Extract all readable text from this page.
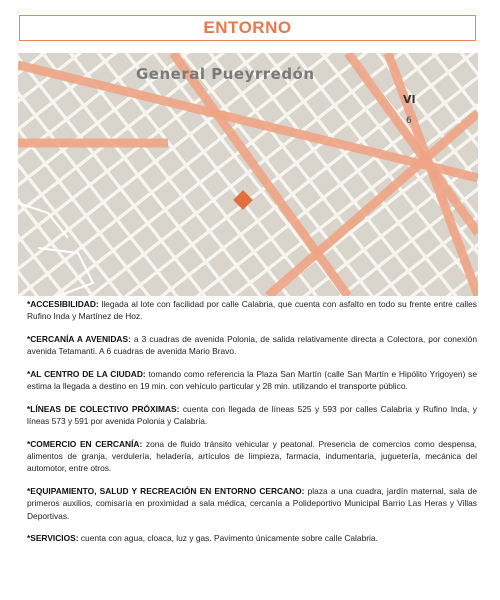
ENTORNO
General Pueyrredón
VI
6

*ACCESIBILIDAD: llegada al lote con facilidad por calle Calabria, que cuenta con asfalto en todo su frente entre calles Rufino Inda y Martínez de Hoz.

*CERCANÍA A AVENIDAS: a 3 cuadras de avenida Polonia, de salida relativamente directa a Colectora, por conexión avenida Tetamanti. A 6 cuadras de avenida Mario Bravo.

*AL CENTRO DE LA CIUDAD: tomando como referencia la Plaza San Martín (calle San Martín e Hipólito Yrigoyen) se estima la llegada a destino en 19 min. con vehículo particular y 28 min. utilizando el transporte público.

*LÍNEAS DE COLECTIVO PRÓXIMAS: cuenta con llegada de líneas 525 y 593 por calles Calabria y Rufino Inda, y líneas 573 y 591 por avenida Polonia y Calabria.

*COMERCIO EN CERCANÍA: zona de fluido tránsito vehicular y peatonal. Presencia de comercios como despensa, alimentos de granja, verdulería, heladería, artículos de limpieza, farmacia, indumentaria, juguetería, mecánica del automotor, entre otros.

*EQUIPAMIENTO, SALUD Y RECREACIÓN EN ENTORNO CERCANO: plaza a una cuadra, jardín maternal, sala de primeros auxilios, comisaría en proximidad a sala médica, cercanía a Polideportivo Municipal Barrio Las Heras y Villas Deportivas.

*SERVICIOS: cuenta con agua, cloaca, luz y gas. Pavimento únicamente sobre calle Calabria.
